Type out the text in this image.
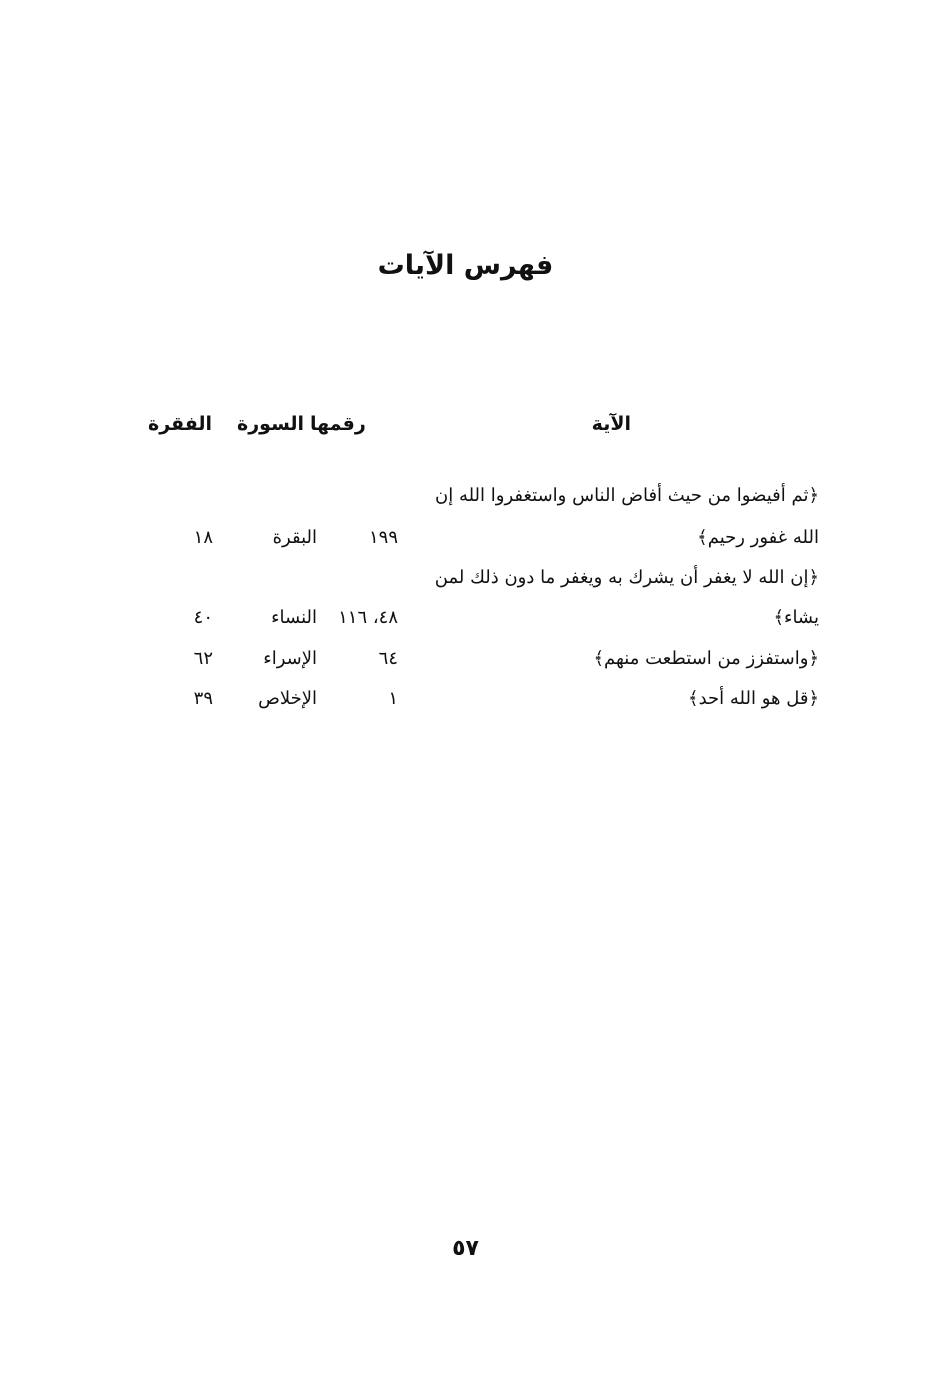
فهرس الآيات
الآية
رقمها
السورة
الفقرة
﴿ثم أفيضوا من حيث أفاض الناس واستغفروا الله إن
الله غفور رحيم﴾
١٩٩
البقرة
١٨
﴿إن الله لا يغفر أن يشرك به ويغفر ما دون ذلك لمن
يشاء﴾
٤٨، ١١٦
النساء
٤٠
﴿واستفزز من استطعت منهم﴾
٦٤
الإسراء
٦٢
﴿قل هو الله أحد﴾
١
الإخلاص
٣٩
٥٧
